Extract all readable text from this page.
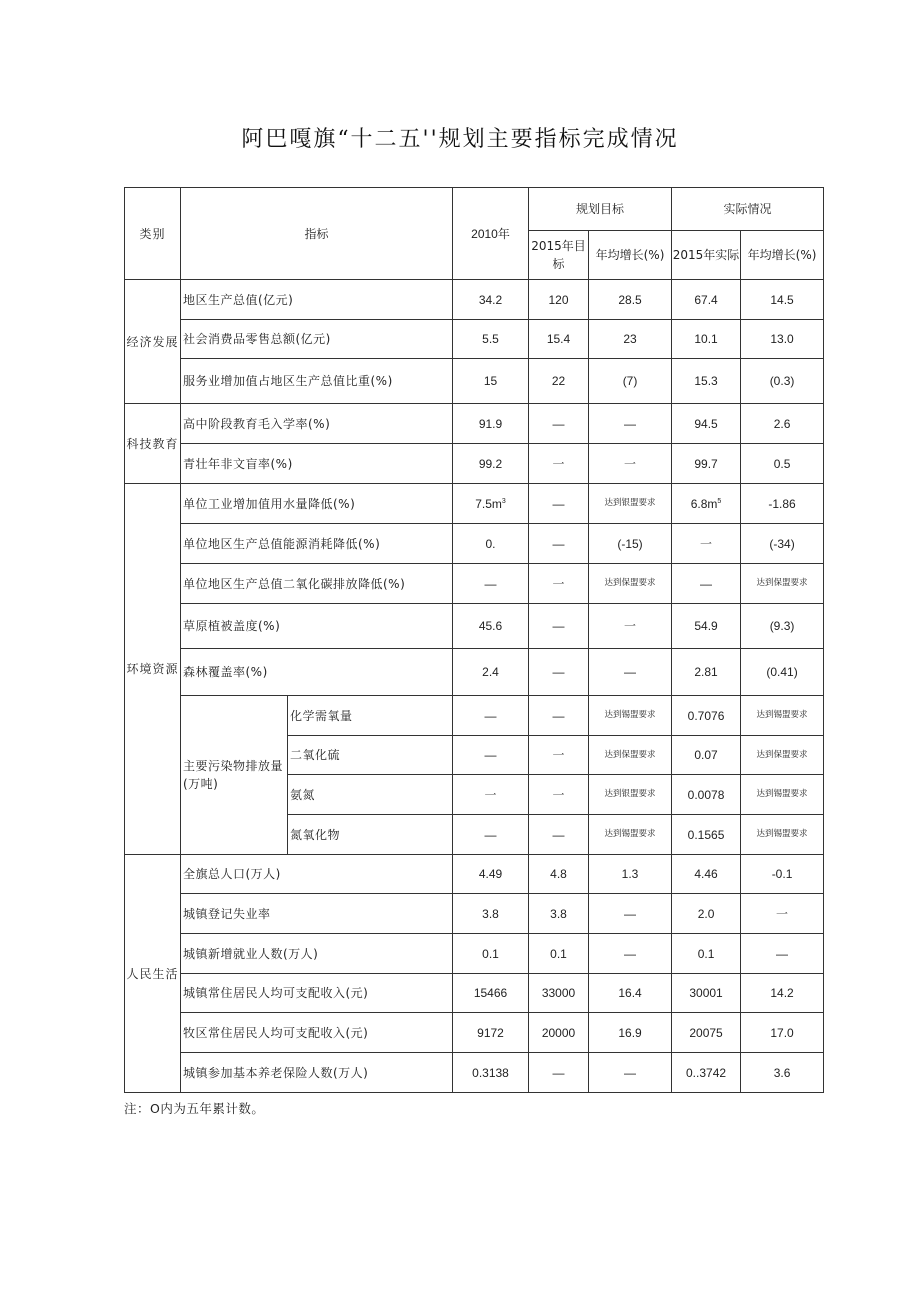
阿巴嘎旗“十二五''规划主要指标完成情况
类别	指标		2010年	规划目标		实际情况	
				2015年目标	年均增长(%)	2015年实际	年均增长(%)
经济发展	地区生产总值(亿元)		34.2	120	28.5	67.4	14.5
	社会消费品零售总额(亿元)		5.5	15.4	23	10.1	13.0
	服务业增加值占地区生产总值比重(%)		15	22	(7)	15.3	(0.3)
科技教育	高中阶段教育毛入学率(%)		91.9	—	—	94.5	2.6
	青壮年非文盲率(%)		99.2	一	一	99.7	0.5
环境资源	单位工业增加值用水量降低(%)		$7.5m^3$	—	达到银盟要求	$6.8m^5$	-1.86
	单位地区生产总值能源消耗降低(%)		0.	—	(-15)	一	(-34)
	单位地区生产总值二氧化碳排放降低(%)		—	一	达到保盟要求	—	达到保盟要求
	草原植被盖度(%)		45.6	—	一	54.9	(9.3)
	森林覆盖率(%)		2.4	—	—	2.81	(0.41)
	主要污染物排放量(万吨)	化学需氧量	—	—	达到锡盟要求	0.7076	达到锡盟要求
		二氧化硫	—	一	达到保盟要求	0.07	达到保盟要求
		氨氮	一	一	达到银盟要求	0.0078	达到锡盟要求
		氮氧化物	—	—	达到锡盟要求	0.1565	达到锡盟要求
人民生活	全旗总人口(万人)		4.49	4.8	1.3	4.46	-0.1
	城镇登记失业率		3.8	3.8	—	2.0	一
	城镇新增就业人数(万人)		0.1	0.1	—	0.1	—
	城镇常住居民人均可支配收入(元)		15466	33000	16.4	30001	14.2
	牧区常住居民人均可支配收入(元)		9172	20000	16.9	20075	17.0
	城镇参加基本养老保险人数(万人)		0.3138	—	—	0..3742	3.6
注：O内为五年累计数。
